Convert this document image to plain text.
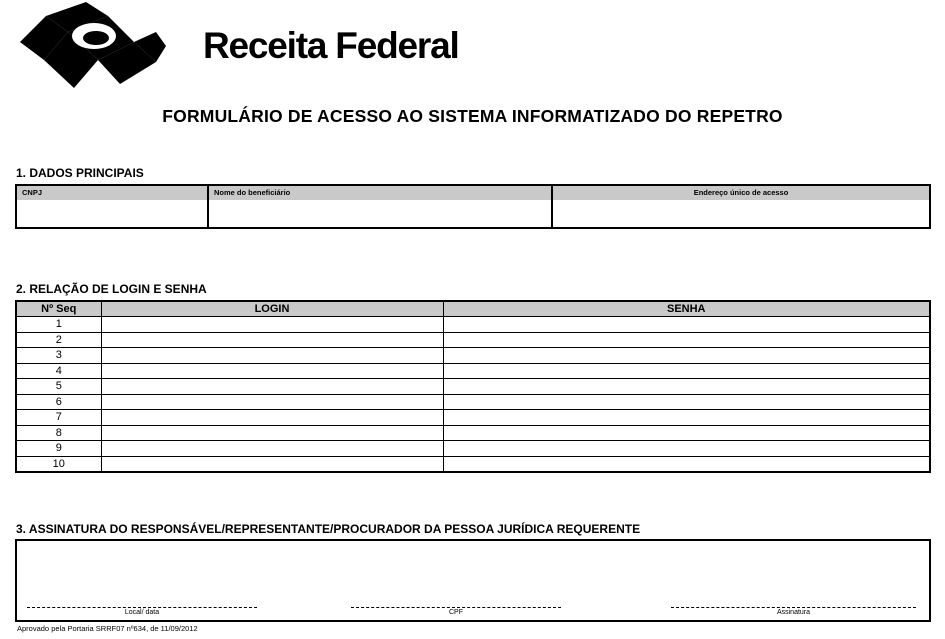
Receita Federal
FORMULÁRIO DE ACESSO AO SISTEMA INFORMATIZADO DO REPETRO
1. DADOS PRINCIPAIS
CNPJ	Nome do beneficiário	Endereço único de acesso
2. RELAÇÃO DE LOGIN E SENHA
Nº Seq	LOGIN	SENHA
1		
2		
3		
4		
5		
6		
7		
8		
9		
10		
3. ASSINATURA DO RESPONSÁVEL/REPRESENTANTE/PROCURADOR DA PESSOA JURÍDICA REQUERENTE
Local/ data	CPF	Assinatura
Aprovado pela Portaria SRRF07 nº634, de 11/09/2012
